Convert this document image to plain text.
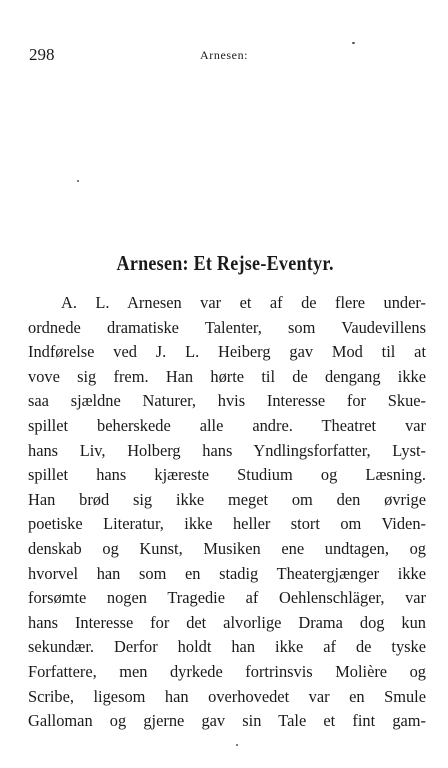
298	Arnesen:
Arnesen: Et Rejse-Eventyr.
A. L. Arnesen var et af de flere under-
ordnede dramatiske Talenter, som Vaudevillens
Indførelse ved J. L. Heiberg gav Mod til at
vove sig frem. Han hørte til de dengang ikke
saa sjældne Naturer, hvis Interesse for Skue-
spillet beherskede alle andre. Theatret var
hans Liv, Holberg hans Yndlingsforfatter, Lyst-
spillet hans kjæreste Studium og Læsning.
Han brød sig ikke meget om den øvrige
poetiske Literatur, ikke heller stort om Viden-
denskab og Kunst, Musiken ene undtagen, og
hvorvel han som en stadig Theatergjænger ikke
forsømte nogen Tragedie af Oehlenschläger, var
hans Interesse for det alvorlige Drama dog kun
sekundær. Derfor holdt han ikke af de tyske
Forfattere, men dyrkede fortrinsvis Molière og
Scribe, ligesom han overhovedet var en Smule
Galloman og gjerne gav sin Tale et fint gam-
